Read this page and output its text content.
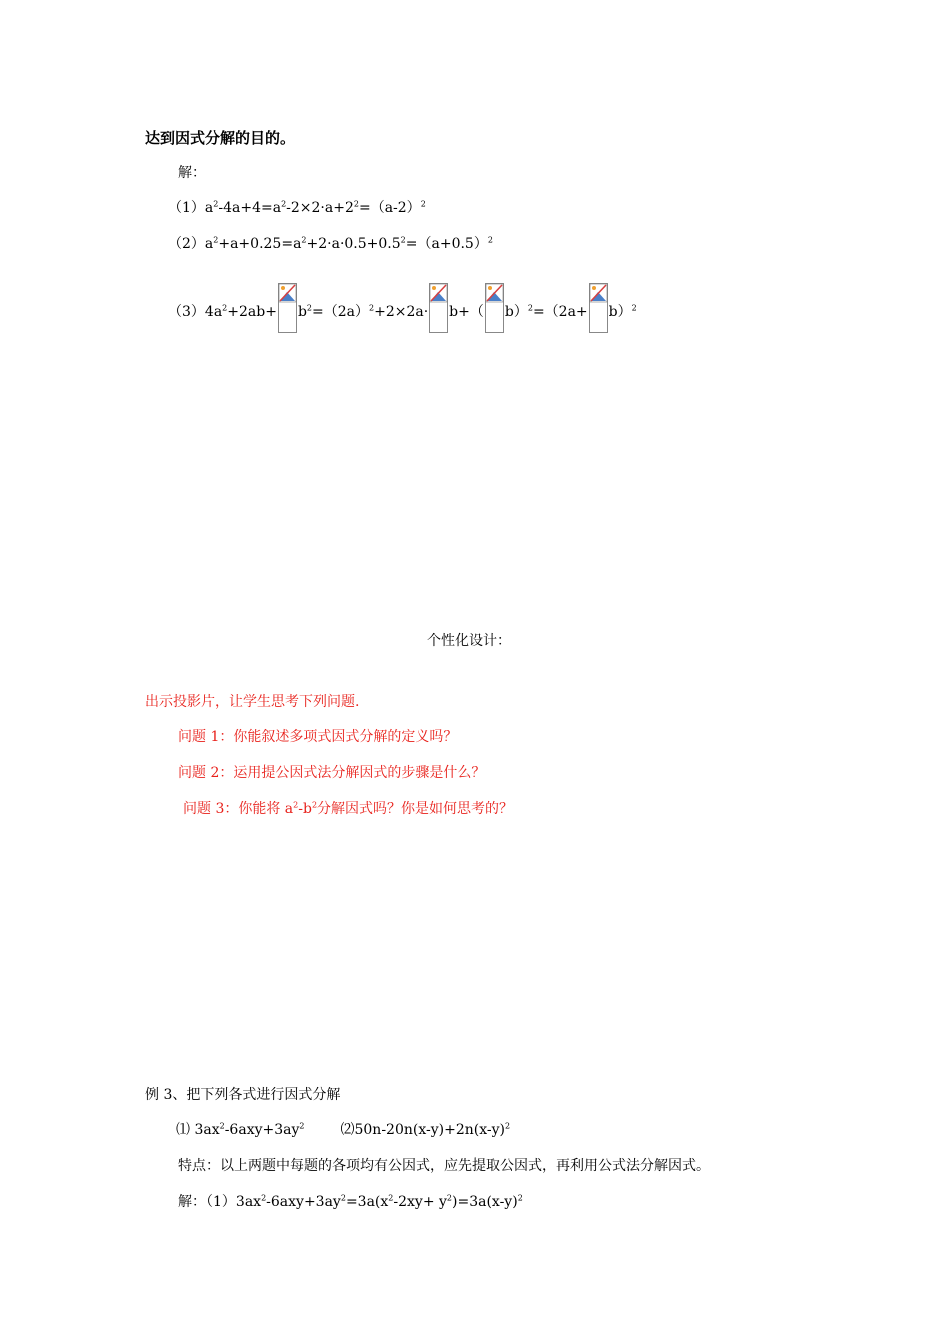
达到因式分解的目的。
解：
$(1)a^2-4a+4=a^2-2\times 2\cdot a+2^2=(a-2)^2$
$(2)a^2+a+0.25=a^2+2\cdot a\cdot 0.5+0.5^2=(a+0.5)^2$
$(3)4a^2+2ab+ b^2=(2a)^2+2\times 2a\cdot b+$（ $b)^2=(2a+ b)^2$
个性化设计：
出示投影片，让学生思考下列问题.
问题 1：你能叙述多项式因式分解的定义吗？
问题 2：运用提公因式法分解因式的步骤是什么？
问题 3：你能将 $a^2-b^2$分解因式吗？你是如何思考的？
例 3、把下列各式进行因式分解
⑴ $3ax^2-6axy+3ay^2$	$⑵50n-20n(x-y)+2n(x-y)^2$
特点：以上两题中每题的各项均有公因式，应先提取公因式，再利用公式法分解因式。
解：$(1)3ax^2-6axy+3ay^2=3a(x^2-2xy+ y^2)=3a(x-y)^2$
